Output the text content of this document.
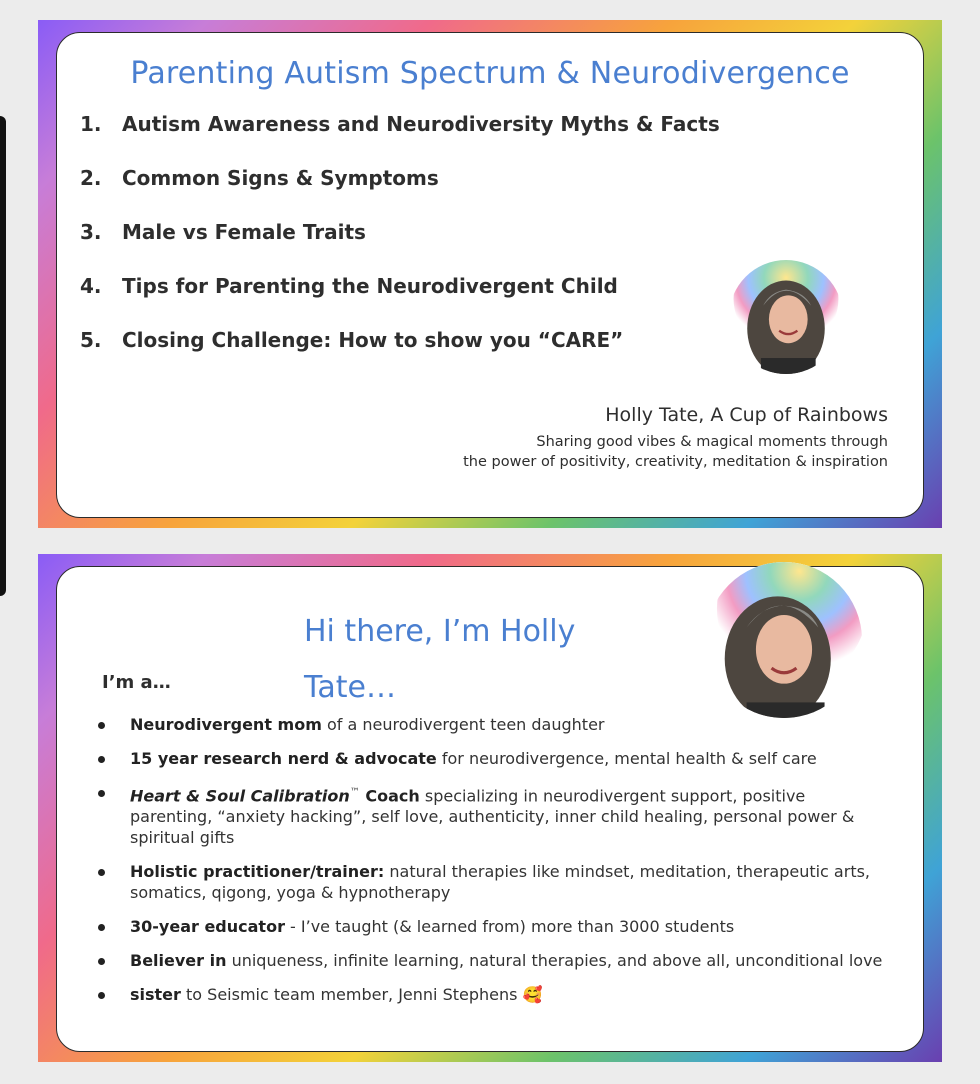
Parenting Autism Spectrum & Neurodivergence
1. Autism Awareness and Neurodiversity Myths & Facts
2. Common Signs & Symptoms
3. Male vs Female Traits
4. Tips for Parenting the Neurodivergent Child
5. Closing Challenge: How to show you “CARE”
Holly Tate, A Cup of Rainbows
Sharing good vibes & magical moments through
the power of positivity, creativity, meditation & inspiration
Hi there, I’m Holly
Tate…
I’m a…
Neurodivergent mom of a neurodivergent teen daughter
15 year research nerd & advocate for neurodivergence, mental health & self care
Heart & Soul Calibration™ Coach specializing in neurodivergent support, positive parenting, “anxiety hacking”, self love, authenticity, inner child healing, personal power & spiritual gifts
Holistic practitioner/trainer: natural therapies like mindset, meditation, therapeutic arts, somatics, qigong, yoga & hypnotherapy
30-year educator - I’ve taught (& learned from) more than 3000 students
Believer in uniqueness, infinite learning, natural therapies, and above all, unconditional love
sister to Seismic team member, Jenni Stephens 🥰
